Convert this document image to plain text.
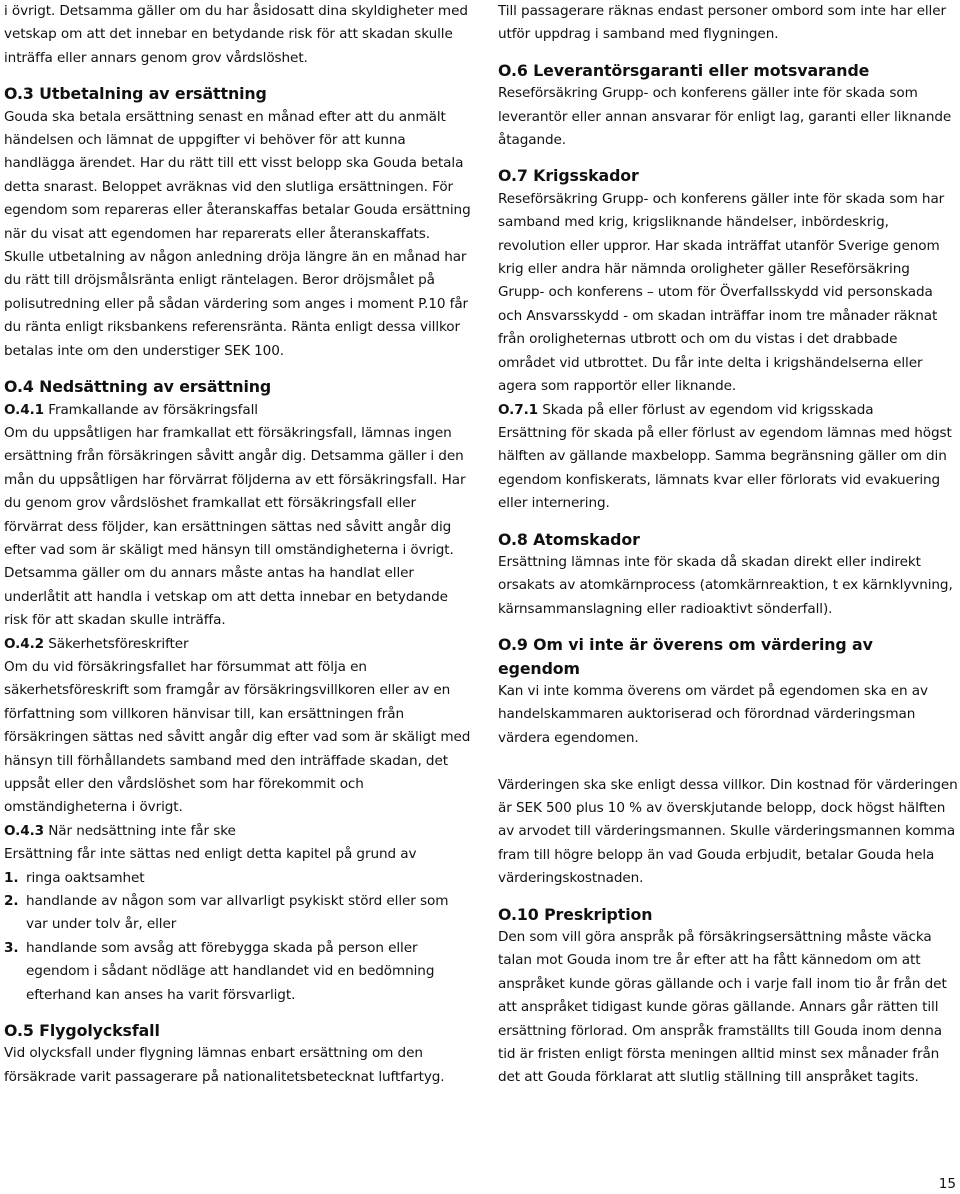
i övrigt. Detsamma gäller om du har åsidosatt dina skyldigheter med vetskap om att det innebar en betydande risk för att skadan skulle inträffa eller annars genom grov vårdslöshet.

O.3 Utbetalning av ersättning

Gouda ska betala ersättning senast en månad efter att du anmält händelsen och lämnat de uppgifter vi behöver för att kunna handlägga ärendet. Har du rätt till ett visst belopp ska Gouda betala detta snarast. Beloppet avräknas vid den slutliga ersättningen. För egendom som repareras eller återanskaffas betalar Gouda ersättning när du visat att egendomen har reparerats eller återanskaffats. Skulle utbetalning av någon anledning dröja längre än en månad har du rätt till dröjsmålsränta enligt räntelagen. Beror dröjsmålet på polisutredning eller på sådan värdering som anges i moment P.10 får du ränta enligt riksbankens referensränta. Ränta enligt dessa villkor betalas inte om den understiger SEK 100.

O.4 Nedsättning av ersättning
O.4.1 Framkallande av försäkringsfall

Om du uppsåtligen har framkallat ett försäkringsfall, lämnas ingen ersättning från försäkringen såvitt angår dig. Detsamma gäller i den mån du uppsåtligen har förvärrat följderna av ett försäkringsfall. Har du genom grov vårdslöshet framkallat ett försäkringsfall eller förvärrat dess följder, kan ersättningen sättas ned såvitt angår dig efter vad som är skäligt med hänsyn till omständigheterna i övrigt. Detsamma gäller om du annars måste antas ha handlat eller underlåtit att handla i vetskap om att detta innebar en betydande risk för att skadan skulle inträffa.

O.4.2 Säkerhetsföreskrifter

Om du vid försäkringsfallet har försummat att följa en säkerhetsföreskrift som framgår av försäkringsvillkoren eller av en författning som villkoren hänvisar till, kan ersättningen från försäkringen sättas ned såvitt angår dig efter vad som är skäligt med hänsyn till förhållandets samband med den inträffade skadan, det uppsåt eller den vårdslöshet som har förekommit och omständigheterna i övrigt.

O.4.3 När nedsättning inte får ske

Ersättning får inte sättas ned enligt detta kapitel på grund av

1. ringa oaktsamhet
2. handlande av någon som var allvarligt psykiskt störd eller som var under tolv år, eller
3. handlande som avsåg att förebygga skada på person eller egendom i sådant nödläge att handlandet vid en bedömning efterhand kan anses ha varit försvarligt.
O.5 Flygolycksfall

Vid olycksfall under flygning lämnas enbart ersättning om den försäkrade varit passagerare på nationalitetsbetecknat luftfartyg.

Till passagerare räknas endast personer ombord som inte har eller utför uppdrag i samband med flygningen.

O.6 Leverantörsgaranti eller motsvarande

Reseförsäkring Grupp- och konferens gäller inte för skada som leverantör eller annan ansvarar för enligt lag, garanti eller liknande åtagande.

O.7 Krigsskador

Reseförsäkring Grupp- och konferens gäller inte för skada som har samband med krig, krigsliknande händelser, inbördeskrig, revolution eller uppror. Har skada inträffat utanför Sverige genom krig eller andra här nämnda oroligheter gäller Reseförsäkring Grupp- och konferens – utom för Överfallsskydd vid personskada och Ansvarsskydd - om skadan inträffar inom tre månader räknat från oroligheternas utbrott och om du vistas i det drabbade området vid utbrottet. Du får inte delta i krigshändelserna eller agera som rapportör eller liknande.

O.7.1 Skada på eller förlust av egendom vid krigsskada

Ersättning för skada på eller förlust av egendom lämnas med högst hälften av gällande maxbelopp. Samma begränsning gäller om din egendom konfiskerats, lämnats kvar eller förlorats vid evakuering eller internering.

O.8 Atomskador

Ersättning lämnas inte för skada då skadan direkt eller indirekt orsakats av atomkärnprocess (atomkärnreaktion, t ex kärnklyvning, kärnsammanslagning eller radioaktivt sönderfall).

O.9 Om vi inte är överens om värdering av egendom

Kan vi inte komma överens om värdet på egendomen ska en av handelskammaren auktoriserad och förordnad värderingsman värdera egendomen.

Värderingen ska ske enligt dessa villkor. Din kostnad för värderingen är SEK 500 plus 10 % av överskjutande belopp, dock högst hälften av arvodet till värderingsmannen. Skulle värderingsmannen komma fram till högre belopp än vad Gouda erbjudit, betalar Gouda hela värderingskostnaden.

O.10 Preskription

Den som vill göra anspråk på försäkringsersättning måste väcka talan mot Gouda inom tre år efter att ha fått kännedom om att anspråket kunde göras gällande och i varje fall inom tio år från det att anspråket tidigast kunde göras gällande. Annars går rätten till ersättning förlorad. Om anspråk framställts till Gouda inom denna tid är fristen enligt första meningen alltid minst sex månader från det att Gouda förklarat att slutlig ställning till anspråket tagits.

15
